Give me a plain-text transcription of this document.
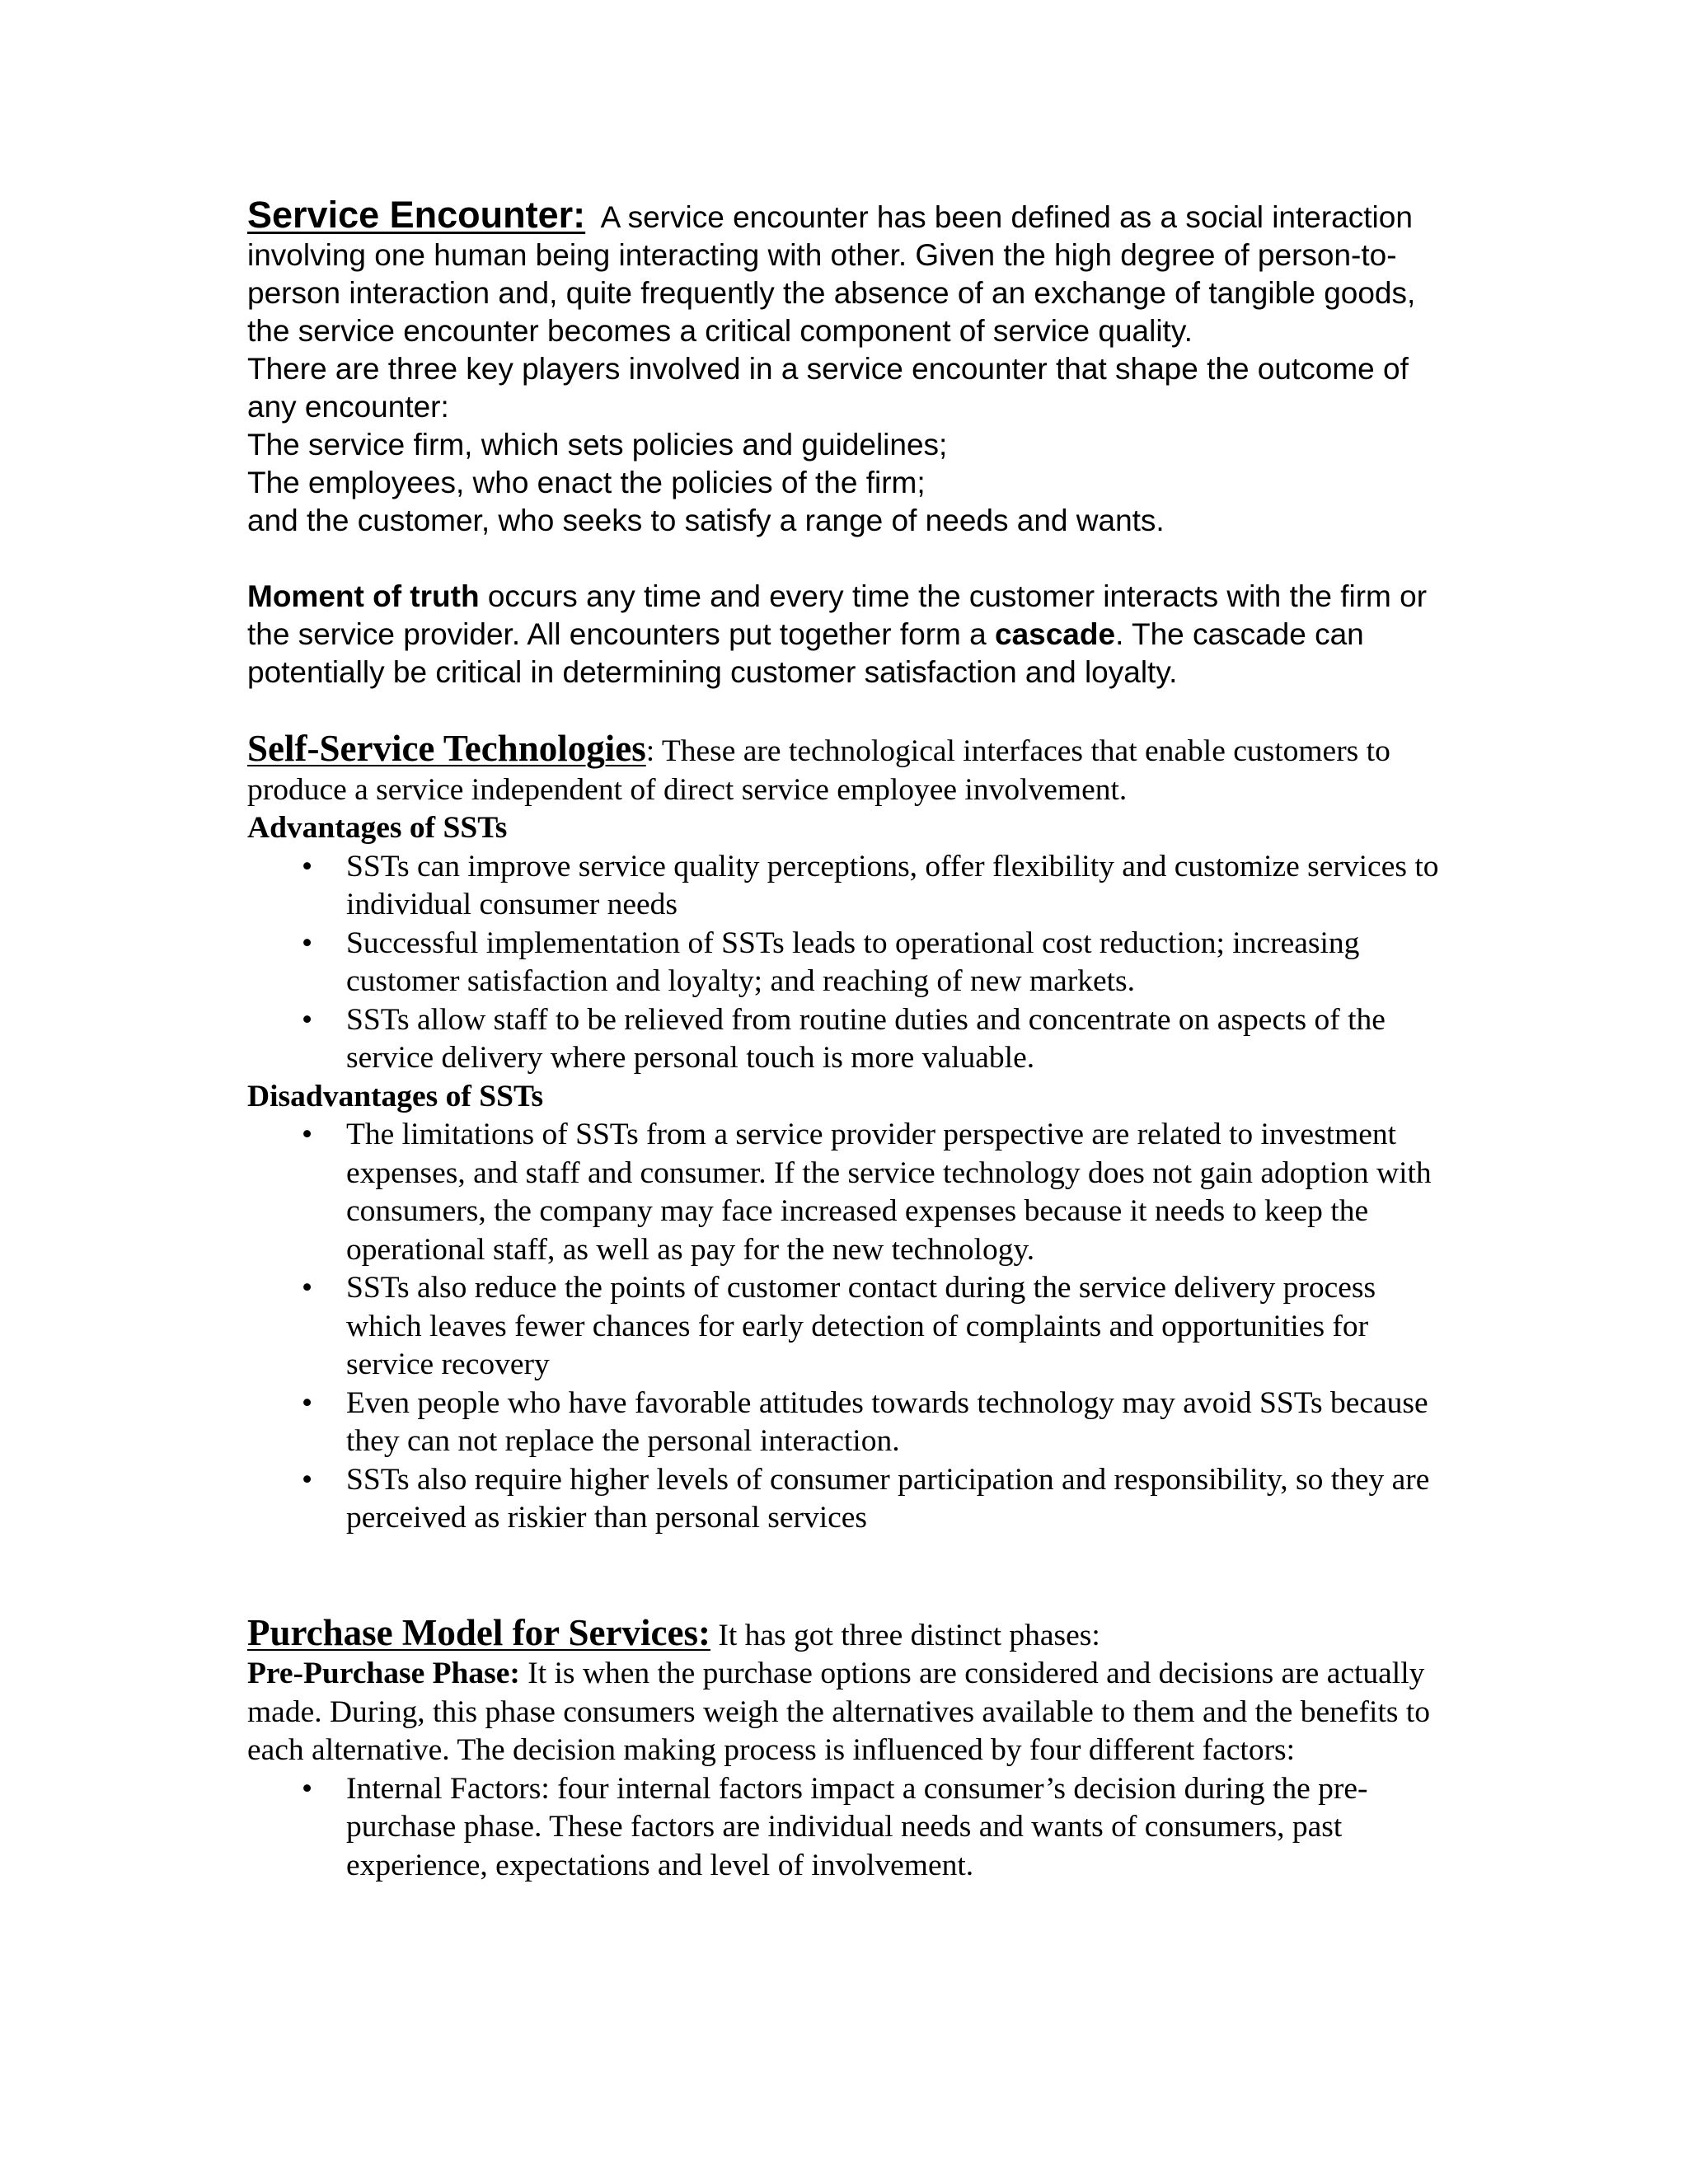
Service Encounter:  A service encounter has been defined as a social interaction involving one human being interacting with other. Given the high degree of person-to-person interaction and, quite frequently the absence of an exchange of tangible goods, the service encounter becomes a critical component of service quality.

There are three key players involved in a service encounter that shape the outcome of any encounter:

The service firm, which sets policies and guidelines;

The employees, who enact the policies of the firm;

and the customer, who seeks to satisfy a range of needs and wants.

Moment of truth occurs any time and every time the customer interacts with the firm or the service provider. All encounters put together form a cascade. The cascade can potentially be critical in determining customer satisfaction and loyalty.

Self-Service Technologies: These are technological interfaces that enable customers to produce a service independent of direct service employee involvement.

Advantages of SSTs

• SSTs can improve service quality perceptions, offer flexibility and customize services to individual consumer needs
• Successful implementation of SSTs leads to operational cost reduction; increasing customer satisfaction and loyalty; and reaching of new markets.
• SSTs allow staff to be relieved from routine duties and concentrate on aspects of the service delivery where personal touch is more valuable.

Disadvantages of SSTs

• The limitations of SSTs from a service provider perspective are related to investment expenses, and staff and consumer. If the service technology does not gain adoption with consumers, the company may face increased expenses because it needs to keep the operational staff, as well as pay for the new technology.
• SSTs also reduce the points of customer contact during the service delivery process which leaves fewer chances for early detection of complaints and opportunities for service recovery
• Even people who have favorable attitudes towards technology may avoid SSTs because they can not replace the personal interaction.
• SSTs also require higher levels of consumer participation and responsibility, so they are perceived as riskier than personal services

Purchase Model for Services: It has got three distinct phases:

Pre-Purchase Phase: It is when the purchase options are considered and decisions are actually made. During, this phase consumers weigh the alternatives available to them and the benefits to each alternative. The decision making process is influenced by four different factors:

• Internal Factors: four internal factors impact a consumer’s decision during the pre- purchase phase. These factors are individual needs and wants of consumers, past experience, expectations and level of involvement.
